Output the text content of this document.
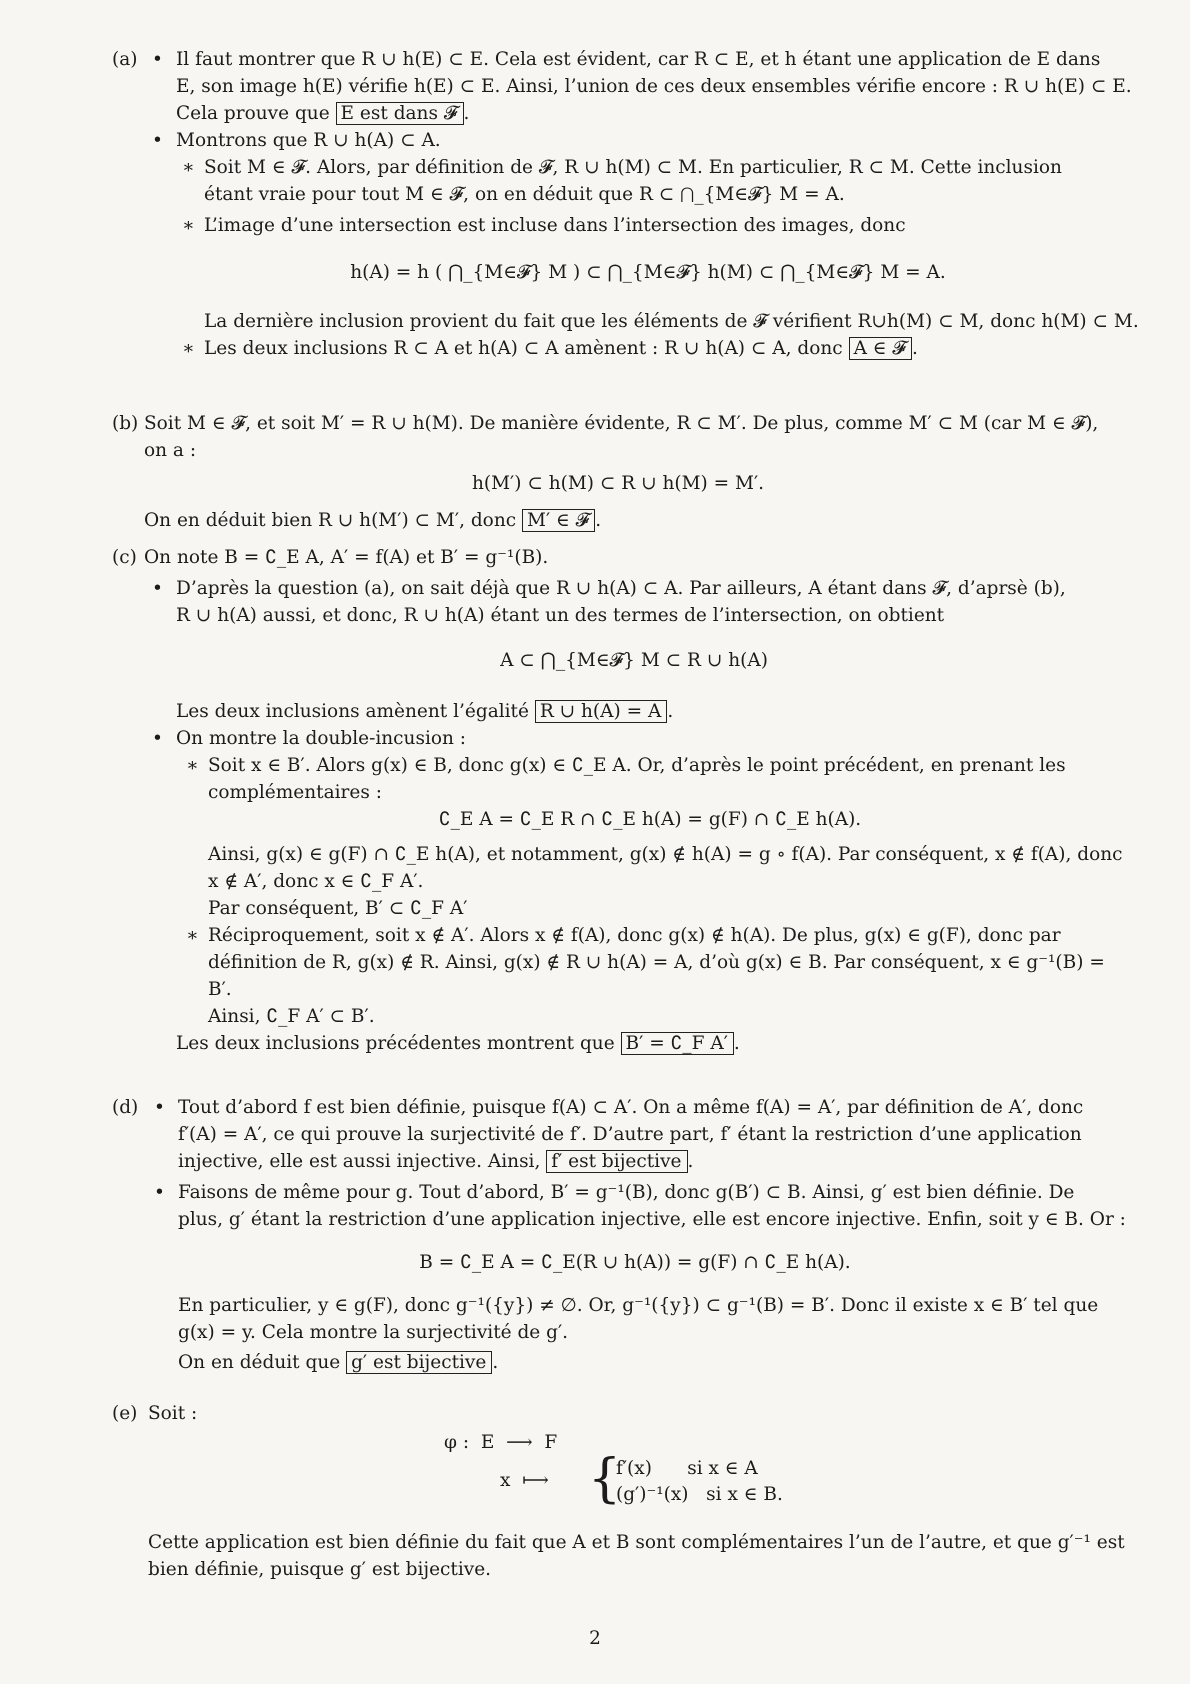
(a) • Il faut montrer que R ∪ h(E) ⊂ E. Cela est évident, car R ⊂ E, et h étant une application de E dans
E, son image h(E) vérifie h(E) ⊂ E. Ainsi, l’union de ces deux ensembles vérifie encore : R ∪ h(E) ⊂ E.
Cela prouve que E est dans 𝓕 .
• Montrons que R ∪ h(A) ⊂ A.
∗ Soit M ∈ 𝓕. Alors, par définition de 𝓕, R ∪ h(M) ⊂ M. En particulier, R ⊂ M. Cette inclusion
étant vraie pour tout M ∈ 𝓕, on en déduit que R ⊂ ⋂_{M∈𝓕} M = A.
∗ L’image d’une intersection est incluse dans l’intersection des images, donc
h(A) = h ( ⋂_{M∈𝓕} M ) ⊂ ⋂_{M∈𝓕} h(M) ⊂ ⋂_{M∈𝓕} M = A.
La dernière inclusion provient du fait que les éléments de 𝓕 vérifient R∪h(M) ⊂ M, donc h(M) ⊂ M.
∗ Les deux inclusions R ⊂ A et h(A) ⊂ A amènent : R ∪ h(A) ⊂ A, donc A ∈ 𝓕 .
(b) Soit M ∈ 𝓕, et soit M′ = R ∪ h(M). De manière évidente, R ⊂ M′. De plus, comme M′ ⊂ M (car M ∈ 𝓕),
on a :
h(M′) ⊂ h(M) ⊂ R ∪ h(M) = M′.
On en déduit bien R ∪ h(M′) ⊂ M′, donc M′ ∈ 𝓕 .
(c) On note B = ∁_E A, A′ = f(A) et B′ = g⁻¹(B).
• D’après la question (a), on sait déjà que R ∪ h(A) ⊂ A. Par ailleurs, A étant dans 𝓕, d’aprsè (b),
R ∪ h(A) aussi, et donc, R ∪ h(A) étant un des termes de l’intersection, on obtient
A ⊂ ⋂_{M∈𝓕} M ⊂ R ∪ h(A)
Les deux inclusions amènent l’égalité R ∪ h(A) = A .
• On montre la double-incusion :
∗ Soit x ∈ B′. Alors g(x) ∈ B, donc g(x) ∈ ∁_E A. Or, d’après le point précédent, en prenant les
complémentaires :
∁_E A = ∁_E R ∩ ∁_E h(A) = g(F) ∩ ∁_E h(A).
Ainsi, g(x) ∈ g(F) ∩ ∁_E h(A), et notamment, g(x) ∉ h(A) = g ∘ f(A). Par conséquent, x ∉ f(A), donc
x ∉ A′, donc x ∈ ∁_F A′.
Par conséquent, B′ ⊂ ∁_F A′
∗ Réciproquement, soit x ∉ A′. Alors x ∉ f(A), donc g(x) ∉ h(A). De plus, g(x) ∈ g(F), donc par
définition de R, g(x) ∉ R. Ainsi, g(x) ∉ R ∪ h(A) = A, d’où g(x) ∈ B. Par conséquent, x ∈ g⁻¹(B) =
B′.
Ainsi, ∁_F A′ ⊂ B′.
Les deux inclusions précédentes montrent que B′ = ∁_F A′ .
(d) • Tout d’abord f est bien définie, puisque f(A) ⊂ A′. On a même f(A) = A′, par définition de A′, donc
f′(A) = A′, ce qui prouve la surjectivité de f′. D’autre part, f′ étant la restriction d’une application
injective, elle est aussi injective. Ainsi, f′ est bijective .
• Faisons de même pour g. Tout d’abord, B′ = g⁻¹(B), donc g(B′) ⊂ B. Ainsi, g′ est bien définie. De
plus, g′ étant la restriction d’une application injective, elle est encore injective. Enfin, soit y ∈ B. Or :
B = ∁_E A = ∁_E(R ∪ h(A)) = g(F) ∩ ∁_E h(A).
En particulier, y ∈ g(F), donc g⁻¹({y}) ≠ ∅. Or, g⁻¹({y}) ⊂ g⁻¹(B) = B′. Donc il existe x ∈ B′ tel que
g(x) = y. Cela montre la surjectivité de g′.
On en déduit que g′ est bijective .
(e) Soit :
φ :  E  ⟶  F
x  ⟼ {
f′(x)      si x ∈ A
(g′)⁻¹(x)   si x ∈ B.
Cette application est bien définie du fait que A et B sont complémentaires l’un de l’autre, et que g′⁻¹ est
bien définie, puisque g′ est bijective.
2
